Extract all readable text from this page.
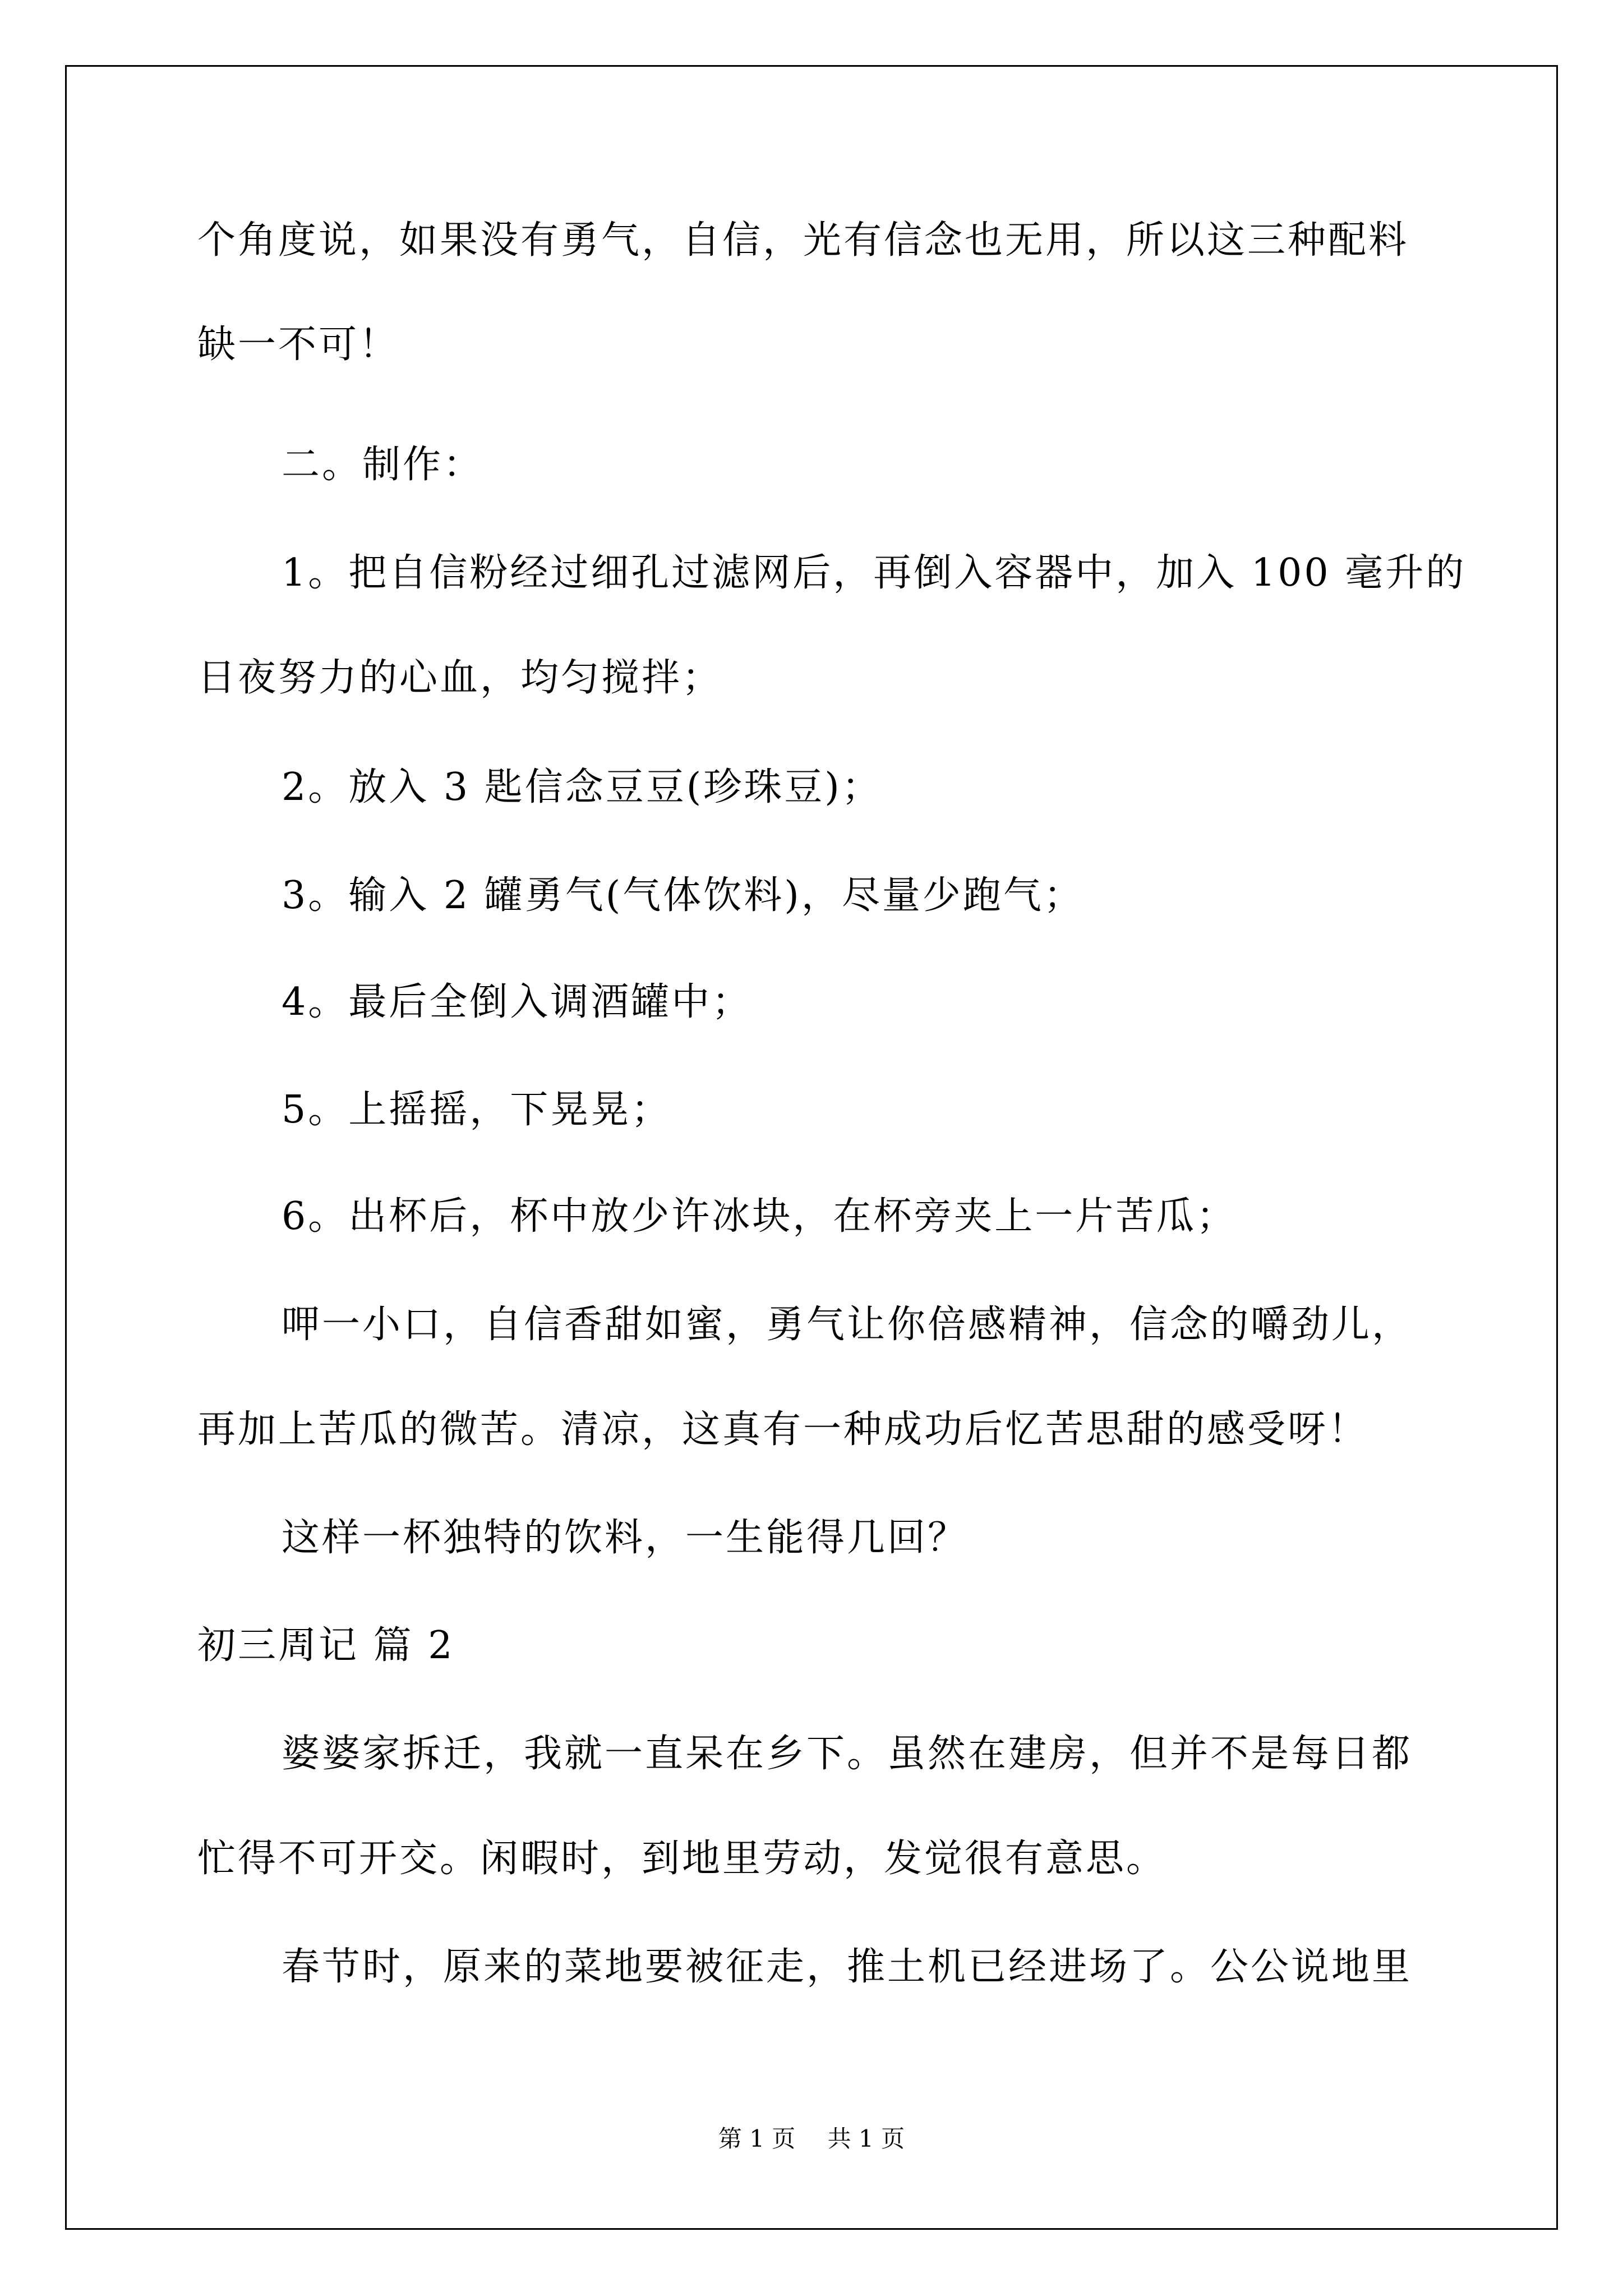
个角度说，如果没有勇气，自信，光有信念也无用，所以这三种配料
缺一不可！
二。制作：
1。把自信粉经过细孔过滤网后，再倒入容器中，加入 100 毫升的
日夜努力的心血，均匀搅拌；
2。放入 3 匙信念豆豆(珍珠豆)；
3。输入 2 罐勇气(气体饮料)，尽量少跑气；
4。最后全倒入调酒罐中；
5。上摇摇，下晃晃；
6。出杯后，杯中放少许冰块，在杯旁夹上一片苦瓜；
呷一小口，自信香甜如蜜，勇气让你倍感精神，信念的嚼劲儿，
再加上苦瓜的微苦。清凉，这真有一种成功后忆苦思甜的感受呀！
这样一杯独特的饮料，一生能得几回？
初三周记 篇 2
婆婆家拆迁，我就一直呆在乡下。虽然在建房，但并不是每日都
忙得不可开交。闲暇时，到地里劳动，发觉很有意思。
春节时，原来的菜地要被征走，推土机已经进场了。公公说地里
第 1 页 共 1 页
